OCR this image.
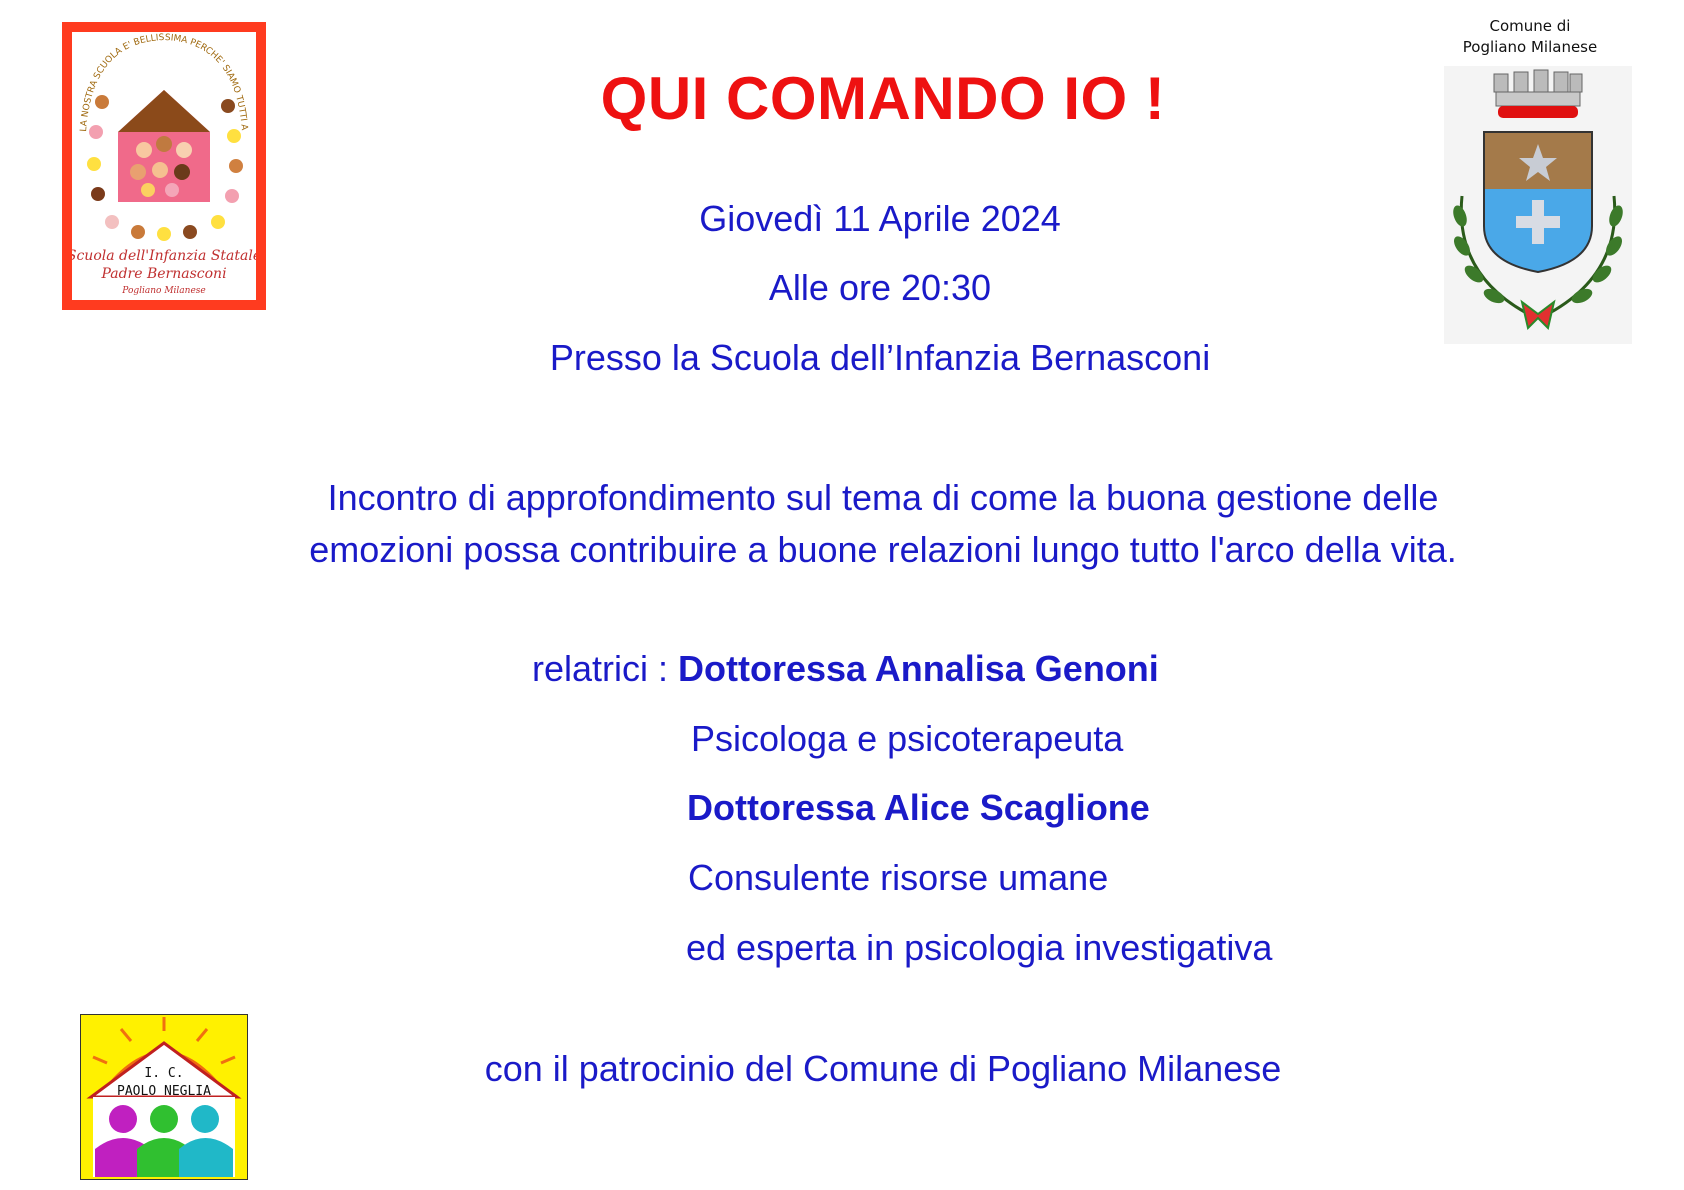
LA NOSTRA SCUOLA E' BELLISSIMA PERCHE' SIAMO TUTTI A
Scuola dell'Infanzia Statale
Padre Bernasconi
Pogliano Milanese
Comune di
Pogliano Milanese
QUI COMANDO IO !
Giovedì 11 Aprile 2024
Alle ore 20:30
Presso la Scuola dell’Infanzia Bernasconi
Incontro di approfondimento sul tema di come la buona gestione delle
emozioni possa contribuire a buone relazioni lungo tutto l'arco della vita.
relatrici : Dottoressa Annalisa Genoni
Psicologa e psicoterapeuta
Dottoressa Alice Scaglione
Consulente risorse umane
ed esperta in psicologia investigativa
con il patrocinio del Comune di Pogliano Milanese
I. C.
PAOLO NEGLIA
